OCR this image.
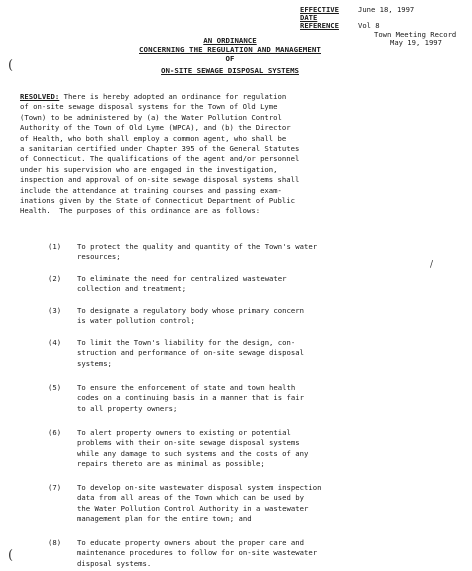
EFFECTIVE DATE
June 18, 1997
REFERENCE	Vol 8
Town Meeting Record
May 19, 1997
AN ORDINANCE
CONCERNING THE REGULATION AND MANAGEMENT
OF
ON-SITE SEWAGE DISPOSAL SYSTEMS
RESOLVED: There is hereby adopted an ordinance for regulation
of on-site sewage disposal systems for the Town of Old Lyme
(Town) to be administered by (a) the Water Pollution Control
Authority of the Town of Old Lyme (WPCA), and (b) the Director
of Health, who both shall employ a common agent, who shall be
a sanitarian certified under Chapter 395 of the General Statutes
of Connecticut. The qualifications of the agent and/or personnel
under his supervision who are engaged in the investigation,
inspection and approval of on-site sewage disposal systems shall
include the attendance at training courses and passing exam-
inations given by the State of Connecticut Department of Public
Health.  The purposes of this ordinance are as follows:
(1)	To protect the quality and quantity of the Town's water
resources;
(2)	To eliminate the need for centralized wastewater
collection and treatment;
(3)	To designate a regulatory body whose primary concern
is water pollution control;
(4)	To limit the Town's liability for the design, con-
struction and performance of on-site sewage disposal
systems;
(5)	To ensure the enforcement of state and town health
codes on a continuing basis in a manner that is fair
to all property owners;
(6)	To alert property owners to existing or potential
problems with their on-site sewage disposal systems
while any damage to such systems and the costs of any
repairs thereto are as minimal as possible;
(7)	To develop on-site wastewater disposal system inspection
data from all areas of the Town which can be used by
the Water Pollution Control Authority in a wastewater
management plan for the entire town; and
(8)	To educate property owners about the proper care and
maintenance procedures to follow for on-site wastewater
disposal systems.
(
/
(
